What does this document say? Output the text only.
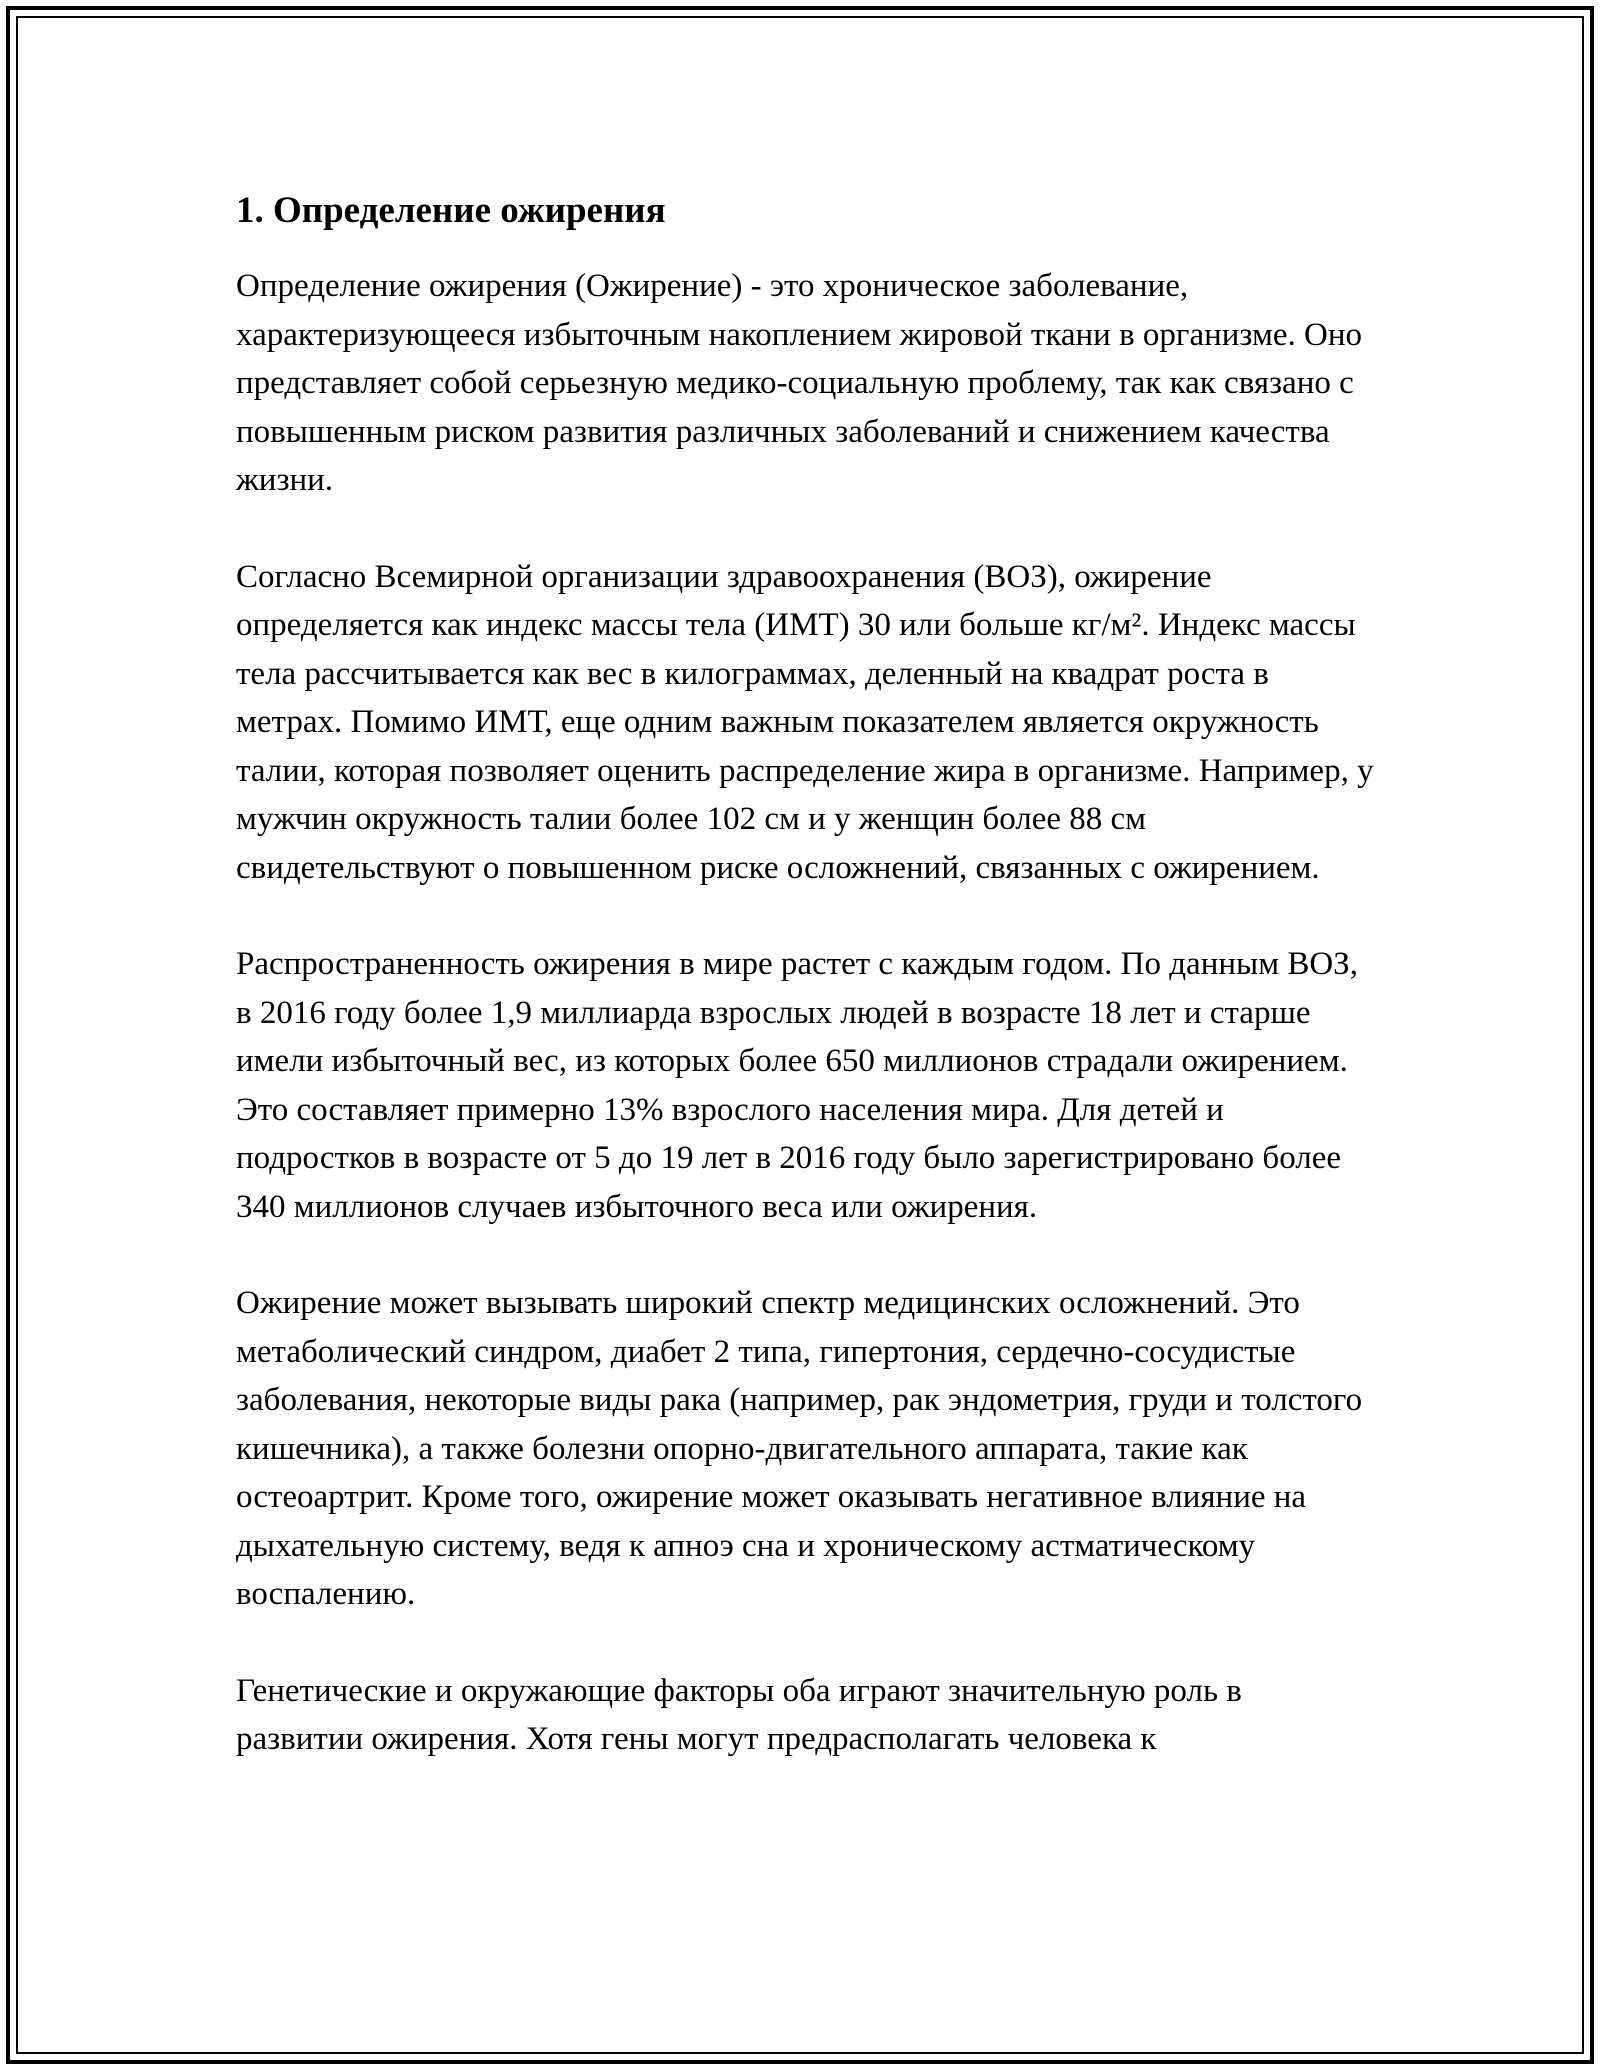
1. Определение ожирения

Определение ожирения (Ожирение) - это хроническое заболевание, характеризующееся избыточным накоплением жировой ткани в организме. Оно представляет собой серьезную медико-социальную проблему, так как связано с повышенным риском развития различных заболеваний и снижением качества жизни.

Согласно Всемирной организации здравоохранения (ВОЗ), ожирение определяется как индекс массы тела (ИМТ) 30 или больше кг/м². Индекс массы тела рассчитывается как вес в килограммах, деленный на квадрат роста в метрах. Помимо ИМТ, еще одним важным показателем является окружность талии, которая позволяет оценить распределение жира в организме. Например, у мужчин окружность талии более 102 см и у женщин более 88 см свидетельствуют о повышенном риске осложнений, связанных с ожирением.

Распространенность ожирения в мире растет с каждым годом. По данным ВОЗ, в 2016 году более 1,9 миллиарда взрослых людей в возрасте 18 лет и старше имели избыточный вес, из которых более 650 миллионов страдали ожирением. Это составляет примерно 13% взрослого населения мира. Для детей и подростков в возрасте от 5 до 19 лет в 2016 году было зарегистрировано более 340 миллионов случаев избыточного веса или ожирения.

Ожирение может вызывать широкий спектр медицинских осложнений. Это метаболический синдром, диабет 2 типа, гипертония, сердечно-сосудистые заболевания, некоторые виды рака (например, рак эндометрия, груди и толстого кишечника), а также болезни опорно-двигательного аппарата, такие как остеоартрит. Кроме того, ожирение может оказывать негативное влияние на дыхательную систему, ведя к апноэ сна и хроническому астматическому воспалению.

Генетические и окружающие факторы оба играют значительную роль в развитии ожирения. Хотя гены могут предрасполагать человека к
